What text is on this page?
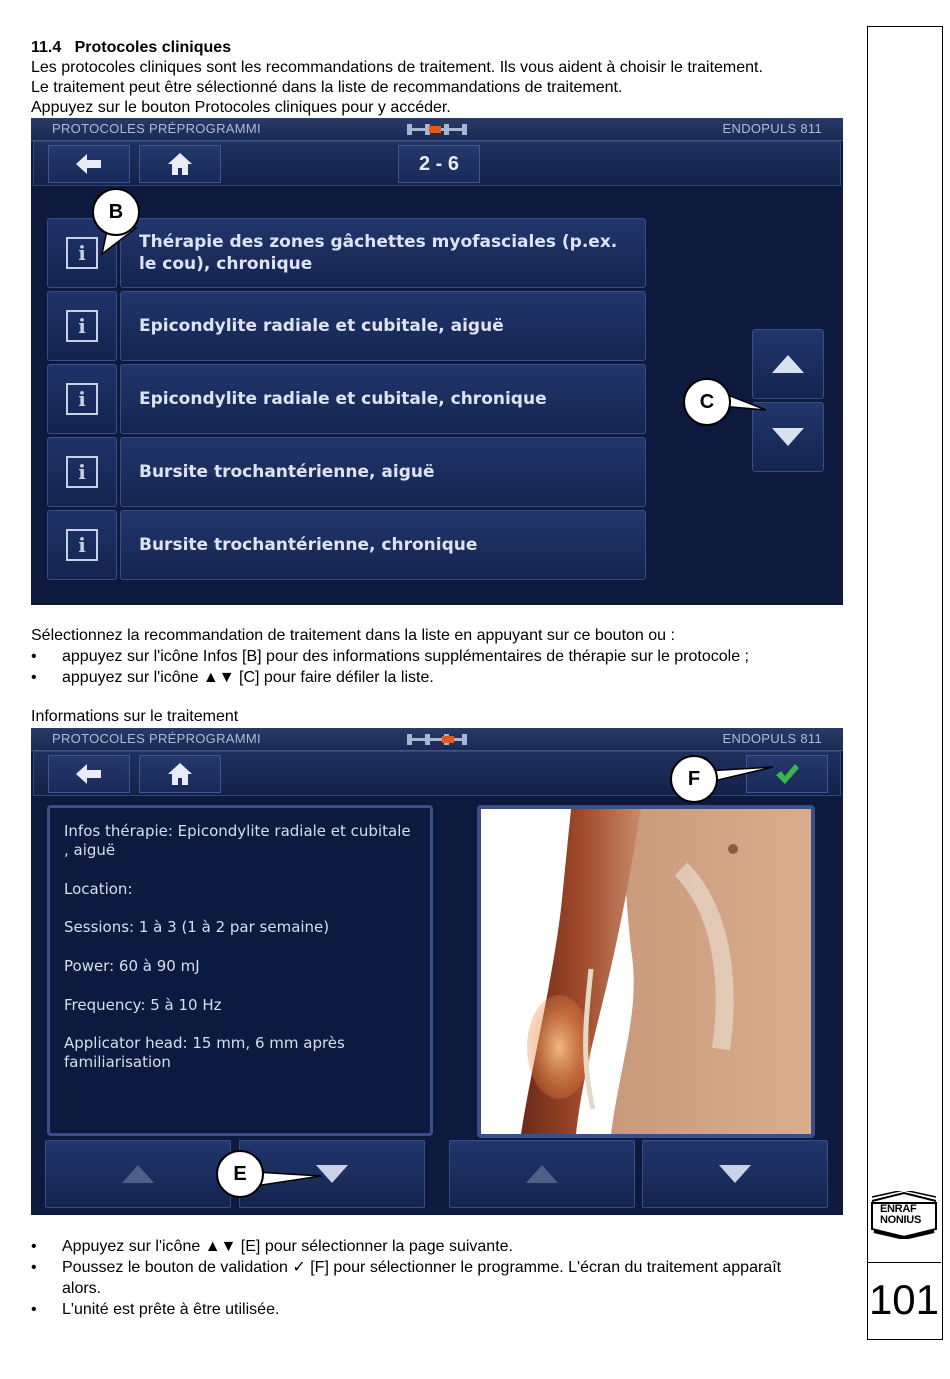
11.4 Protocoles cliniques
Les protocoles cliniques sont les recommandations de traitement. Ils vous aident à choisir le traitement.
Le traitement peut être sélectionné dans la liste de recommandations de traitement.
Appuyez sur le bouton Protocoles cliniques pour y accéder.
PROTOCOLES PRÉPROGRAMMI	ENDOPULS 811
2 - 6
i	Thérapie des zones gâchettes myofasciales (p.ex. le cou), chronique
i	Epicondylite radiale et cubitale, aiguë
i	Epicondylite radiale et cubitale, chronique
i	Bursite trochantérienne, aiguë
i	Bursite trochantérienne, chronique
B
C
Sélectionnez la recommandation de traitement dans la liste en appuyant sur ce bouton ou :
• appuyez sur l'icône Infos [B] pour des informations supplémentaires de thérapie sur le protocole ;
• appuyez sur l'icône ▲▼ [C] pour faire défiler la liste.
Informations sur le traitement
PROTOCOLES PRÉPROGRAMMI	ENDOPULS 811
Infos thérapie: Epicondylite radiale et cubitale , aiguë
Location:
Sessions: 1 à 3 (1 à 2 par semaine)
Power: 60 à 90 mJ
Frequency: 5 à 10 Hz
Applicator head: 15 mm, 6 mm après familiarisation
F
E
• Appuyez sur l'icône ▲▼ [E] pour sélectionner la page suivante.
• Poussez le bouton de validation ✓ [F] pour sélectionner le programme. L'écran du traitement apparaît
alors.
• L'unité est prête à être utilisée.
ENRAF
NONIUS
101
